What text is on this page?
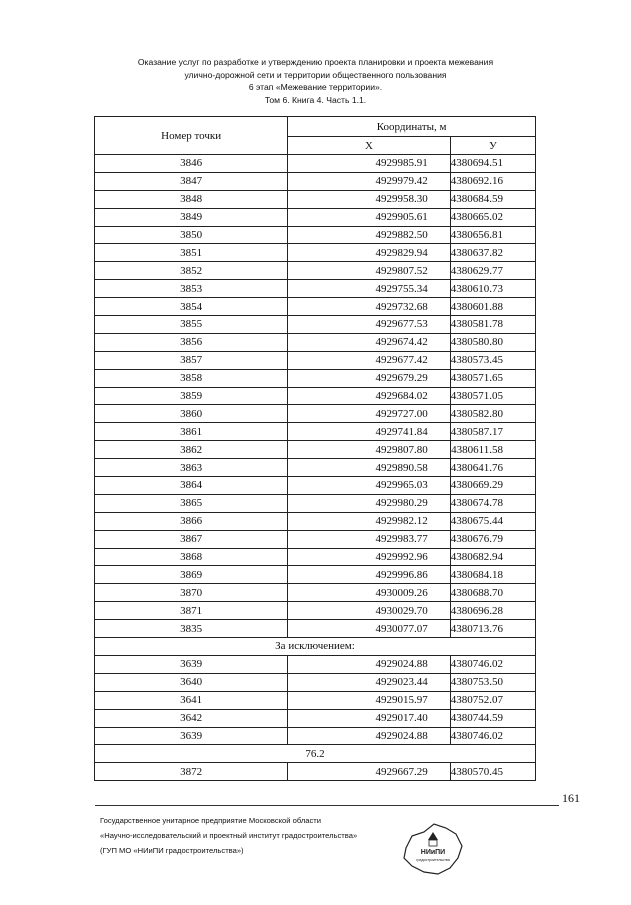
Оказание услуг по разработке и утверждению проекта планировки и проекта межевания
улично-дорожной сети и территории общественного пользования
6 этап «Межевание территории».
Том 6. Книга 4. Часть 1.1.
Номер точки	Координаты, м	
	X	У
3846	4929985.91	4380694.51
3847	4929979.42	4380692.16
3848	4929958.30	4380684.59
3849	4929905.61	4380665.02
3850	4929882.50	4380656.81
3851	4929829.94	4380637.82
3852	4929807.52	4380629.77
3853	4929755.34	4380610.73
3854	4929732.68	4380601.88
3855	4929677.53	4380581.78
3856	4929674.42	4380580.80
3857	4929677.42	4380573.45
3858	4929679.29	4380571.65
3859	4929684.02	4380571.05
3860	4929727.00	4380582.80
3861	4929741.84	4380587.17
3862	4929807.80	4380611.58
3863	4929890.58	4380641.76
3864	4929965.03	4380669.29
3865	4929980.29	4380674.78
3866	4929982.12	4380675.44
3867	4929983.77	4380676.79
3868	4929992.96	4380682.94
3869	4929996.86	4380684.18
3870	4930009.26	4380688.70
3871	4930029.70	4380696.28
3835	4930077.07	4380713.76
За исключением:		
3639	4929024.88	4380746.02
3640	4929023.44	4380753.50
3641	4929015.97	4380752.07
3642	4929017.40	4380744.59
3639	4929024.88	4380746.02
76.2		
3872	4929667.29	4380570.45
161
Государственное унитарное предприятие Московской области
«Научно-исследовательский и проектный институт градостроительства»
(ГУП МО «НИиПИ градостроительства»)	НИиПИ
градостроительства
